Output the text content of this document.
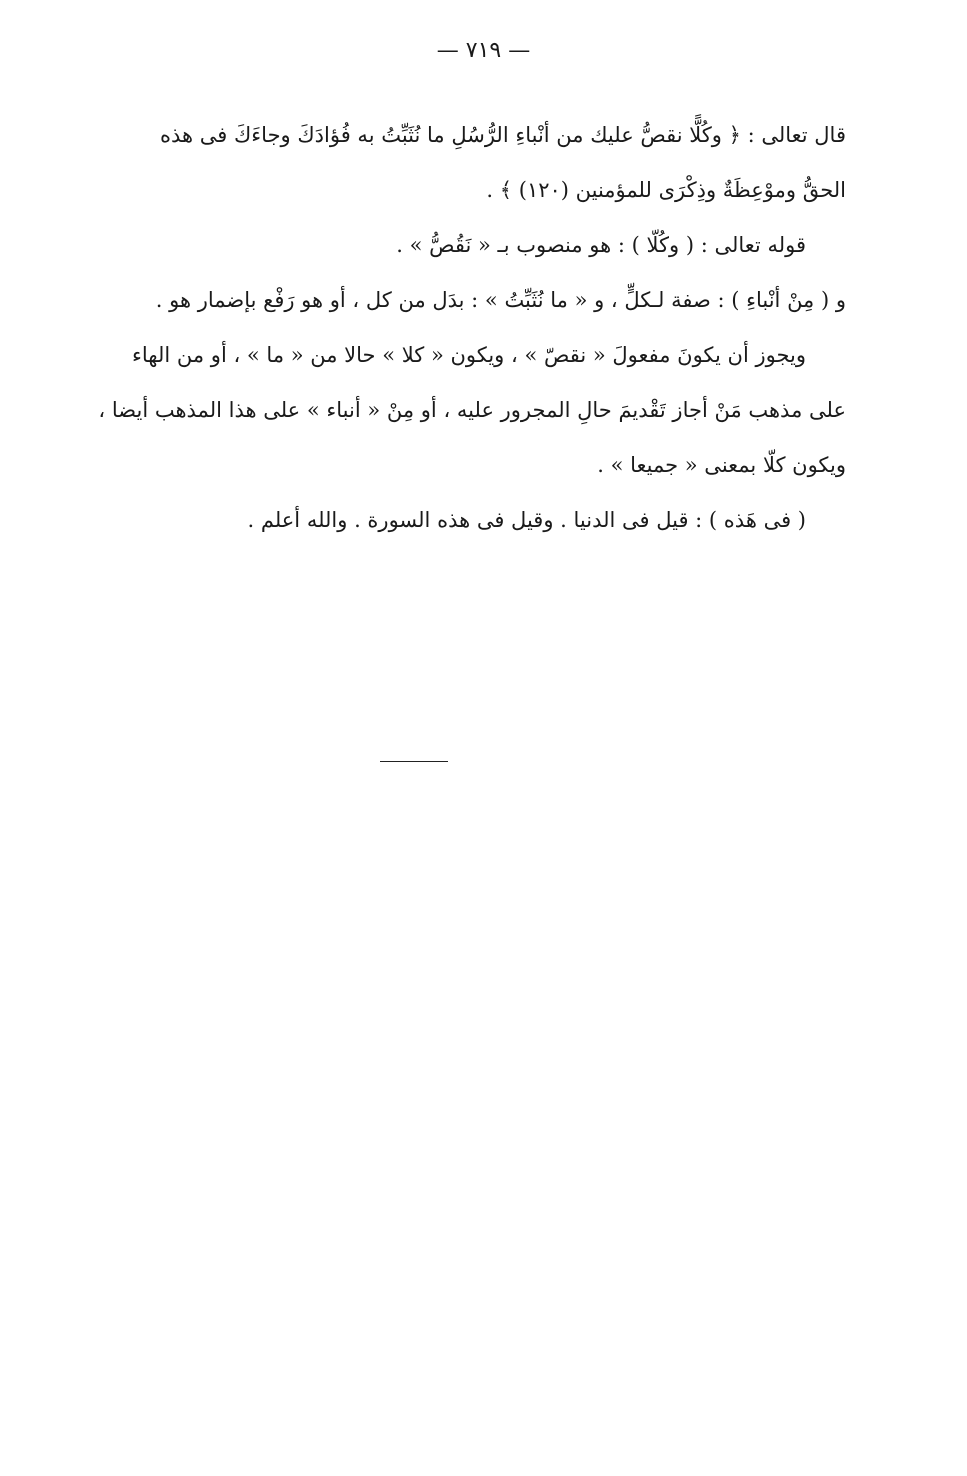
— ٧١٩ —
قال تعالى : ﴿ وكُلًّا نقصُّ عليك من أنْباءِ الرُّسُلِ ما نُثَبِّتُ به فُؤادَكَ وجاءَكَ فى هذه
الحقُّ وموْعِظَةٌ وذِكْرَى للمؤمنين (١٢٠) ﴾ .
قوله تعالى : ( وكُلّا ) : هو منصوب بـ « نَقُصُّ » .
و ( مِنْ أنْباءِ ) : صفة لـكلٍّ ، و « ما نُثَبِّتُ » : بدَل من كل ، أو هو رَفْع بإضمار هو .
ويجوز أن يكونَ مفعولَ « نقصّ » ، ويكون « كلا » حالا من « ما » ، أو من الهاء
على مذهب مَنْ أجاز تَقْديمَ حالِ المجرور عليه ، أو مِنْ « أنباء » على هذا المذهب أيضا ،
ويكون كلّا بمعنى « جميعا » .
( فى هَذه ) : قيل فى الدنيا . وقيل فى هذه السورة . والله أعلم .
